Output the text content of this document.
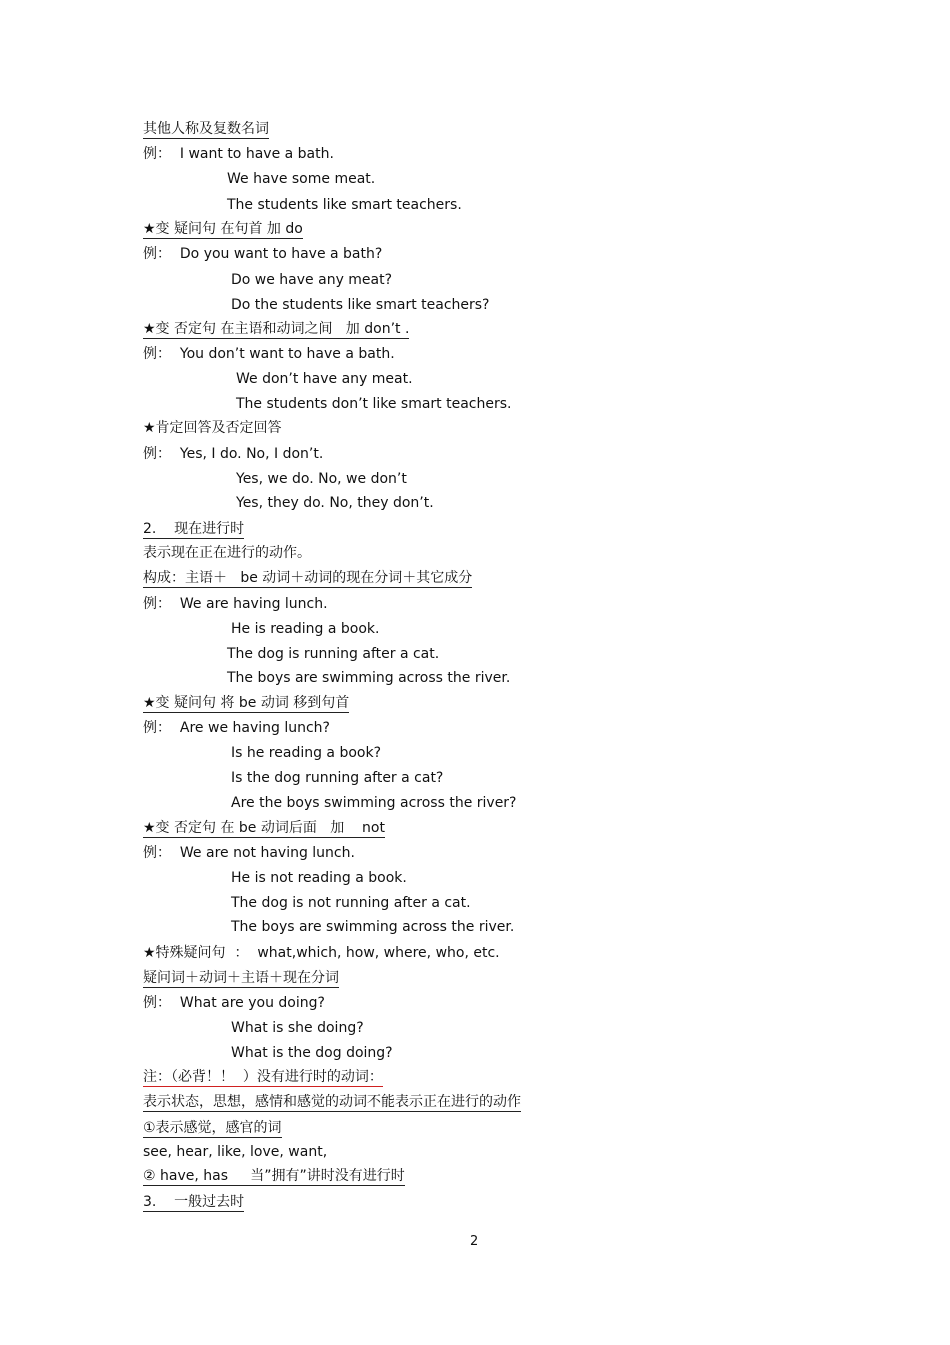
其他人称及复数名词
例：  I want to have a bath.
We have some meat.
The students like smart teachers.
★变 疑问句 在句首 加 do
例：  Do you want to have a bath?
Do we have any meat?
Do the students like smart teachers?
★变 否定句 在主语和动词之间   加 don’t .
例：  You don’t want to have a bath.
We don’t have any meat.
The students don’t like smart teachers.
★肯定回答及否定回答
例：  Yes, I do. No, I don’t.
Yes, we do. No, we don’t
Yes, they do. No, they don’t.
2.    现在进行时
表示现在正在进行的动作。
构成：主语＋   be 动词＋动词的现在分词＋其它成分
例：  We are having lunch.
He is reading a book.
The dog is running after a cat.
The boys are swimming across the river.
★变 疑问句 将 be 动词 移到句首
例：  Are we having lunch?
Is he reading a book?
Is the dog running after a cat?
Are the boys swimming across the river?
★变 否定句 在 be 动词后面   加    not
例：  We are not having lunch.
He is not reading a book.
The dog is not running after a cat.
The boys are swimming across the river.
★特殊疑问句  ：  what,which, how, where, who, etc.
疑问词＋动词＋主语＋现在分词
例：  What are you doing?
What is she doing?
What is the dog doing?
注：（必背！！  ）没有进行时的动词：
表示状态，思想，感情和感觉的动词不能表示正在进行的动作
①表示感觉，感官的词
see, hear, like, love, want,
② have, has     当”拥有”讲时没有进行时
3.    一般过去时
2
